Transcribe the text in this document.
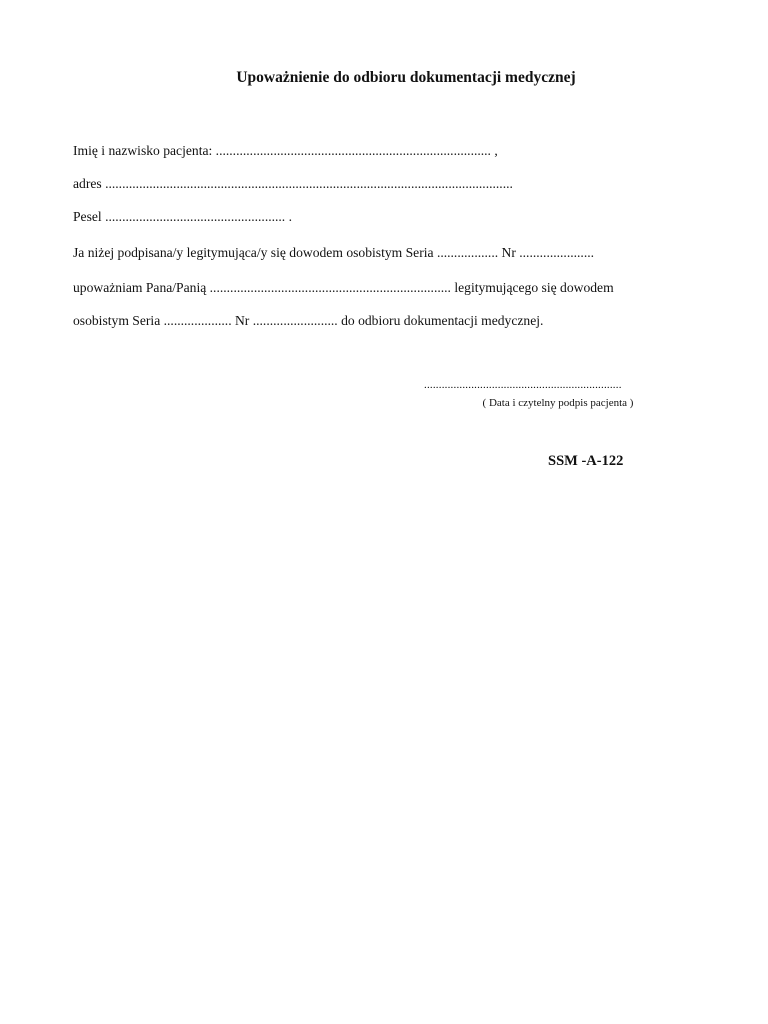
Upoważnienie do odbioru dokumentacji medycznej
Imię i nazwisko pacjenta: ................................................................................. ,
adres ........................................................................................................................
Pesel ..................................................... .
Ja niżej podpisana/y legitymująca/y się dowodem osobistym Seria .................. Nr ......................
upoważniam Pana/Panią ....................................................................... legitymującego się dowodem
osobistym Seria .................... Nr ......................... do odbioru dokumentacji medycznej.
...................................................................
( Data i czytelny podpis pacjenta )
SSM -A-122
